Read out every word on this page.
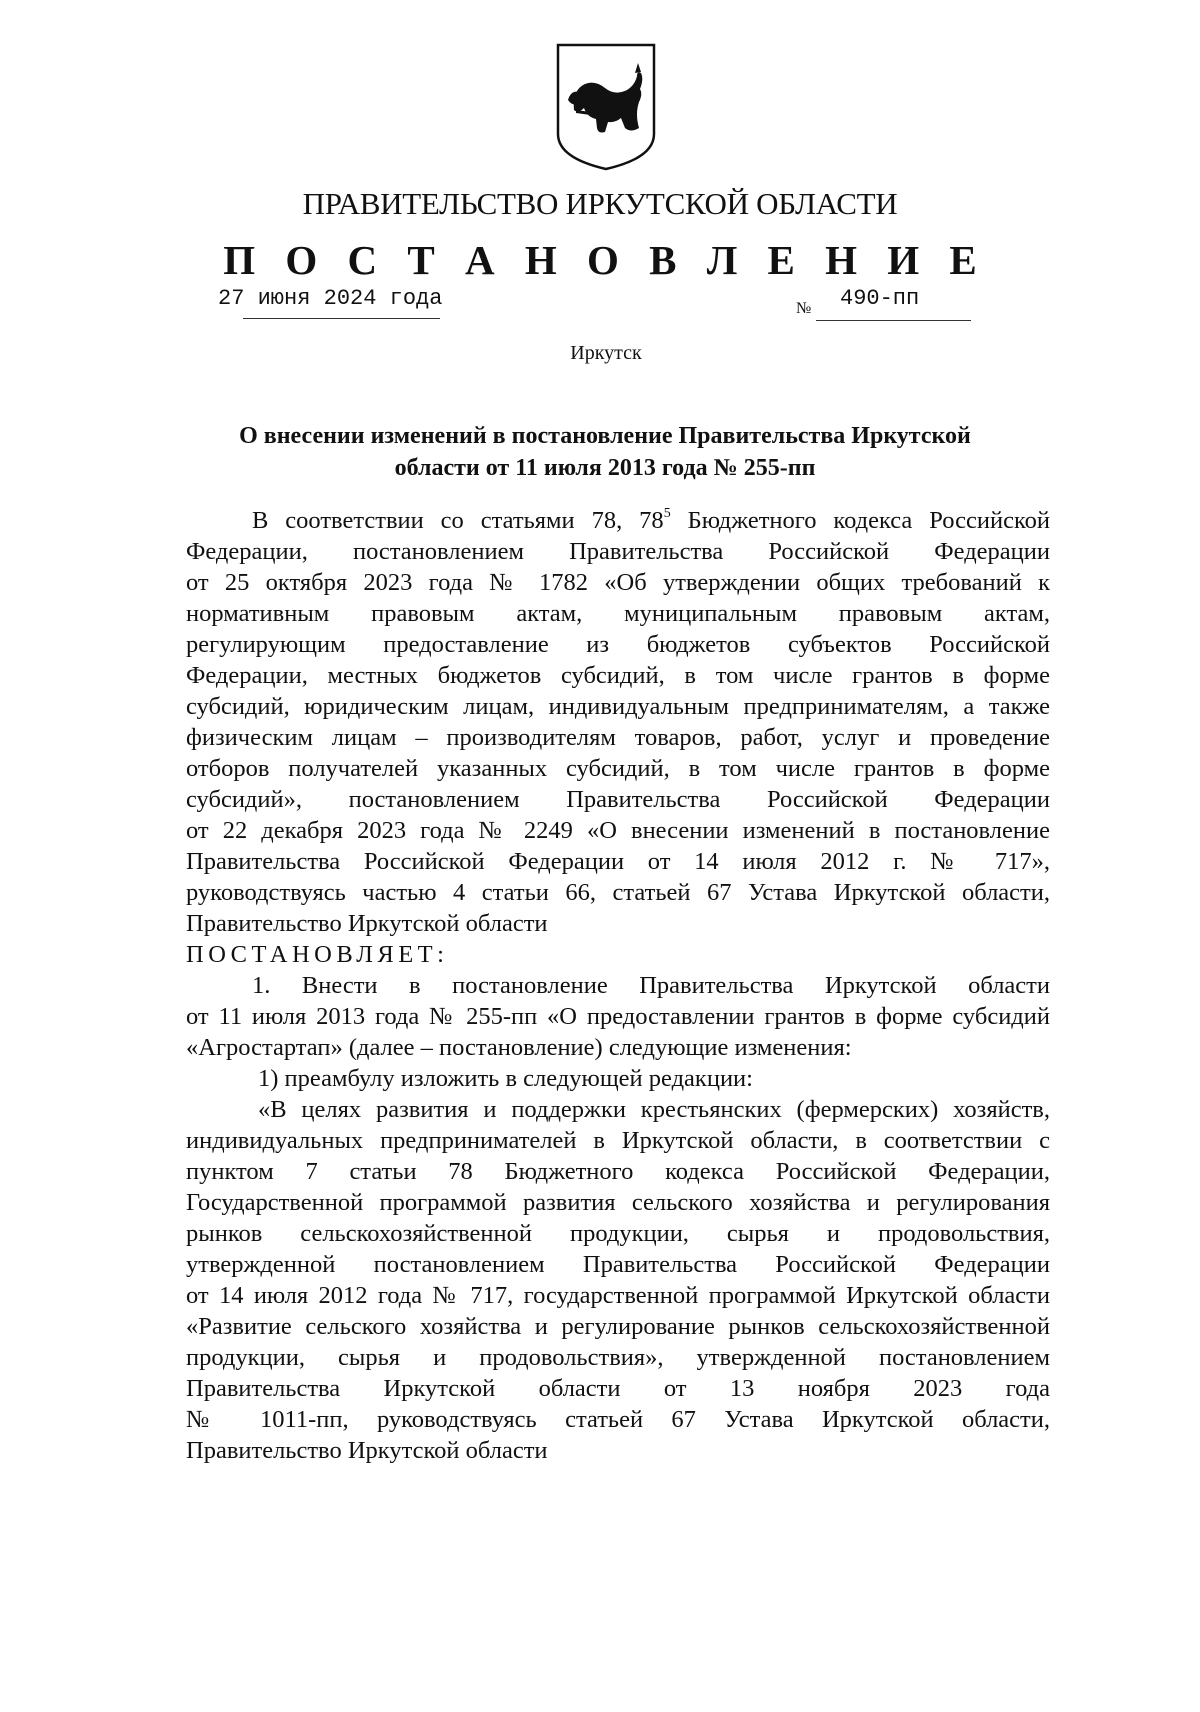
ПРАВИТЕЛЬСТВО ИРКУТСКОЙ ОБЛАСТИ
П О С Т А Н О В Л Е Н И Е
27 июня 2024 года	№ 490-пп
Иркутск
О внесении изменений в постановление Правительства Иркутской
области от 11 июля 2013 года № 255-пп
В соответствии со статьями 78, $78^5$ Бюджетного кодекса Российской
Федерации, постановлением Правительства Российской Федерации
от 25 октября 2023 года № 1782 «Об утверждении общих требований к
нормативным правовым актам, муниципальным правовым актам,
регулирующим предоставление из бюджетов субъектов Российской
Федерации, местных бюджетов субсидий, в том числе грантов в форме
субсидий, юридическим лицам, индивидуальным предпринимателям, а также
физическим лицам – производителям товаров, работ, услуг и проведение
отборов получателей указанных субсидий, в том числе грантов в форме
субсидий», постановлением Правительства Российской Федерации
от 22 декабря 2023 года № 2249 «О внесении изменений в постановление
Правительства Российской Федерации от 14 июля 2012 г. № 717»,
руководствуясь частью 4 статьи 66, статьей 67 Устава Иркутской области,
Правительство Иркутской области
ПОСТАНОВЛЯЕТ:
1. Внести в постановление Правительства Иркутской области
от 11 июля 2013 года № 255-пп «О предоставлении грантов в форме субсидий
«Агростартап» (далее – постановление) следующие изменения:
1) преамбулу изложить в следующей редакции:
«В целях развития и поддержки крестьянских (фермерских) хозяйств,
индивидуальных предпринимателей в Иркутской области, в соответствии с
пунктом 7 статьи 78 Бюджетного кодекса Российской Федерации,
Государственной программой развития сельского хозяйства и регулирования
рынков сельскохозяйственной продукции, сырья и продовольствия,
утвержденной постановлением Правительства Российской Федерации
от 14 июля 2012 года № 717, государственной программой Иркутской области
«Развитие сельского хозяйства и регулирование рынков сельскохозяйственной
продукции, сырья и продовольствия», утвержденной постановлением
Правительства Иркутской области от 13 ноября 2023 года
№ 1011-пп, руководствуясь статьей 67 Устава Иркутской области,
Правительство Иркутской области
